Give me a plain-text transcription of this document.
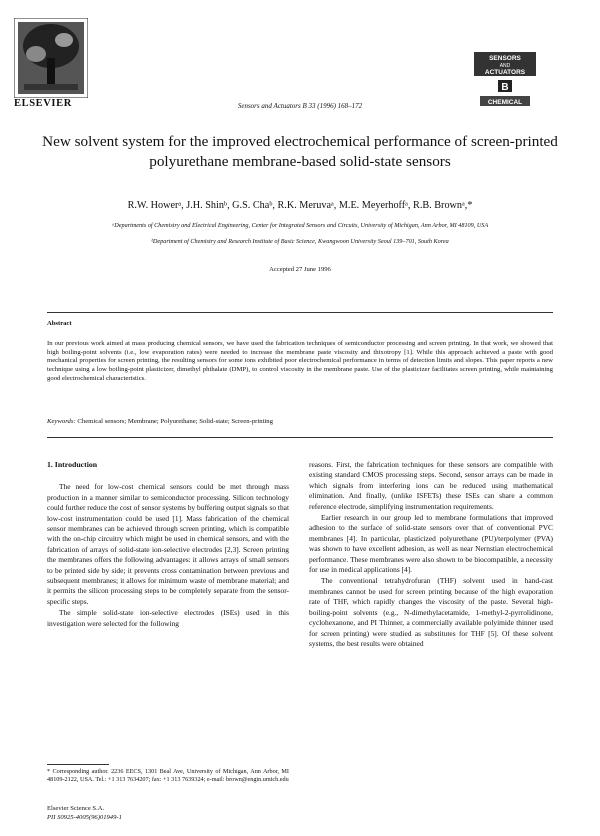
ELSEVIER	Sensors and Actuators B 33 (1996) 168–172
SENSORS
AND
ACTUATORS
B
CHEMICAL
New solvent system for the improved electrochemical performance of screen-printed polyurethane membrane-based solid-state sensors
R.W. Howerᵃ, J.H. Shinᵇ, G.S. Chaᵇ, R.K. Meruvaᵃ, M.E. Meyerhoffᵃ, R.B. Brownᵃ,*
ᵃDepartments of Chemistry and Electrical Engineering, Center for Integrated Sensors and Circuits, University of Michigan, Ann Arbor, MI 48109, USA
ᵇDepartment of Chemistry and Research Institute of Basic Science, Kwangwoon University Seoul 139–701, South Korea
Accepted 27 June 1996
Abstract
In our previous work aimed at mass producing chemical sensors, we have used the fabrication techniques of semiconductor processing and screen printing. In that work, we showed that high boiling-point solvents (i.e., low evaporation rates) were needed to increase the membrane paste viscosity and thixotropy [1]. While this approach achieved a paste with good mechanical properties for screen printing, the resulting sensors for some ions exhibited poor electrochemical performance in terms of detection limits and slopes. This paper reports a new technique using a low boiling-point plasticizer, dimethyl phthalate (DMP), to control viscosity in the membrane paste. Use of the plasticizer facilitates screen printing, while maintaining good electrochemical characteristics.
Keywords: Chemical sensors; Membrane; Polyurethane; Solid-state; Screen-printing
1. Introduction

The need for low-cost chemical sensors could be met through mass production in a manner similar to semiconductor processing. Silicon technology could further reduce the cost of sensor systems by buffering output signals so that low-cost instrumentation could be used [1]. Mass fabrication of the chemical sensor membranes can be achieved through screen printing, which is compatible with the on-chip circuitry which might be used in chemical sensors, and with the fabrication of arrays of solid-state ion-selective electrodes [2,3]. Screen printing the membranes offers the following advantages: it allows arrays of small sensors to be printed side by side; it prevents cross contamination between previous and subsequent membranes; it allows for minimum waste of membrane material; and it permits the silicon processing steps to be completely separate from the sensor-specific steps.

The simple solid-state ion-selective electrodes (ISEs) used in this investigation were selected for the following

reasons. First, the fabrication techniques for these sensors are compatible with existing standard CMOS processing steps. Second, sensor arrays can be made in which signals from interfering ions can be reduced using mathematical elimination. And finally, (unlike ISFETs) these ISEs can share a common reference electrode, simplifying instrumentation requirements.

Earlier research in our group led to membrane formulations that improved adhesion to the surface of solid-state sensors over that of conventional PVC membranes [4]. In particular, plasticized polyurethane (PU)/terpolymer (PVA) was shown to have excellent adhesion, as well as near Nernstian electrochemical performance. These membranes were also shown to be biocompatible, a necessity for use in medical applications [4].

The conventional tetrahydrofuran (THF) solvent used in hand-cast membranes cannot be used for screen printing because of the high evaporation rate of THF, which rapidly changes the viscosity of the paste. Several high-boiling-point solvents (e.g., N-dimethylacetamide, 1-methyl-2-pyrrolidinone, cyclohexanone, and PI Thinner, a commercially available polyimide thinner used for screen printing) were studied as substitutes for THF [5]. Of these solvent systems, the best results were obtained

* Corresponding author. 2236 EECS, 1301 Beal Ave, University of Michigan, Ann Arbor, MI 48109-2122, USA. Tel.: +1 313 7634207; fax: +1 313 7639324; e-mail: brown@engin.umich.edu
Elsevier Science S.A.
PII S0925-4005(96)01949-1
